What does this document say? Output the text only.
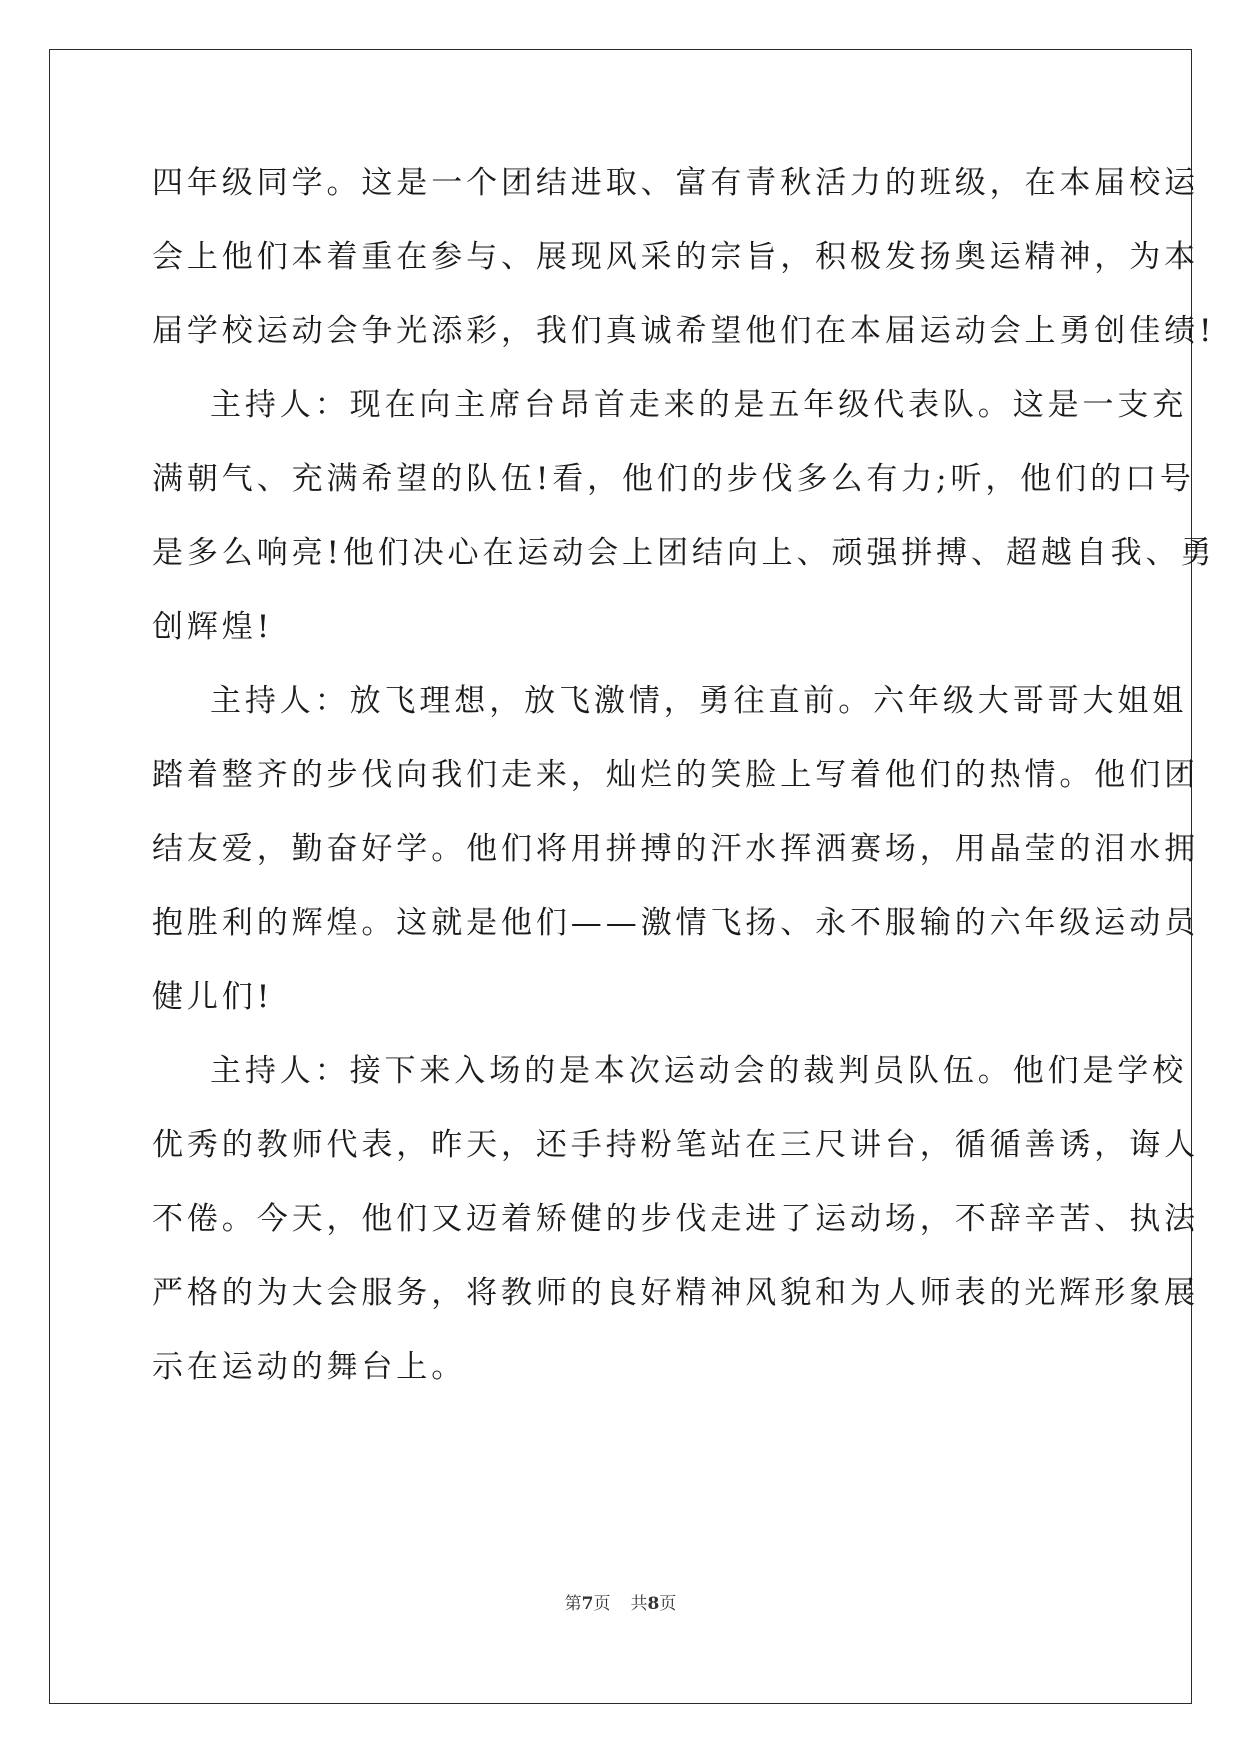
四年级同学。这是一个团结进取、富有青秋活力的班级，在本届校运
会上他们本着重在参与、展现风采的宗旨，积极发扬奥运精神，为本
届学校运动会争光添彩，我们真诚希望他们在本届运动会上勇创佳绩!
主持人：现在向主席台昂首走来的是五年级代表队。这是一支充
满朝气、充满希望的队伍!看，他们的步伐多么有力;听，他们的口号
是多么响亮!他们决心在运动会上团结向上、顽强拼搏、超越自我、勇
创辉煌!
主持人：放飞理想，放飞激情，勇往直前。六年级大哥哥大姐姐
踏着整齐的步伐向我们走来，灿烂的笑脸上写着他们的热情。他们团
结友爱，勤奋好学。他们将用拼搏的汗水挥洒赛场，用晶莹的泪水拥
抱胜利的辉煌。这就是他们——激情飞扬、永不服输的六年级运动员
健儿们!
主持人：接下来入场的是本次运动会的裁判员队伍。他们是学校
优秀的教师代表，昨天，还手持粉笔站在三尺讲台，循循善诱，诲人
不倦。今天，他们又迈着矫健的步伐走进了运动场，不辞辛苦、执法
严格的为大会服务，将教师的良好精神风貌和为人师表的光辉形象展
示在运动的舞台上。
第7页 共8页
